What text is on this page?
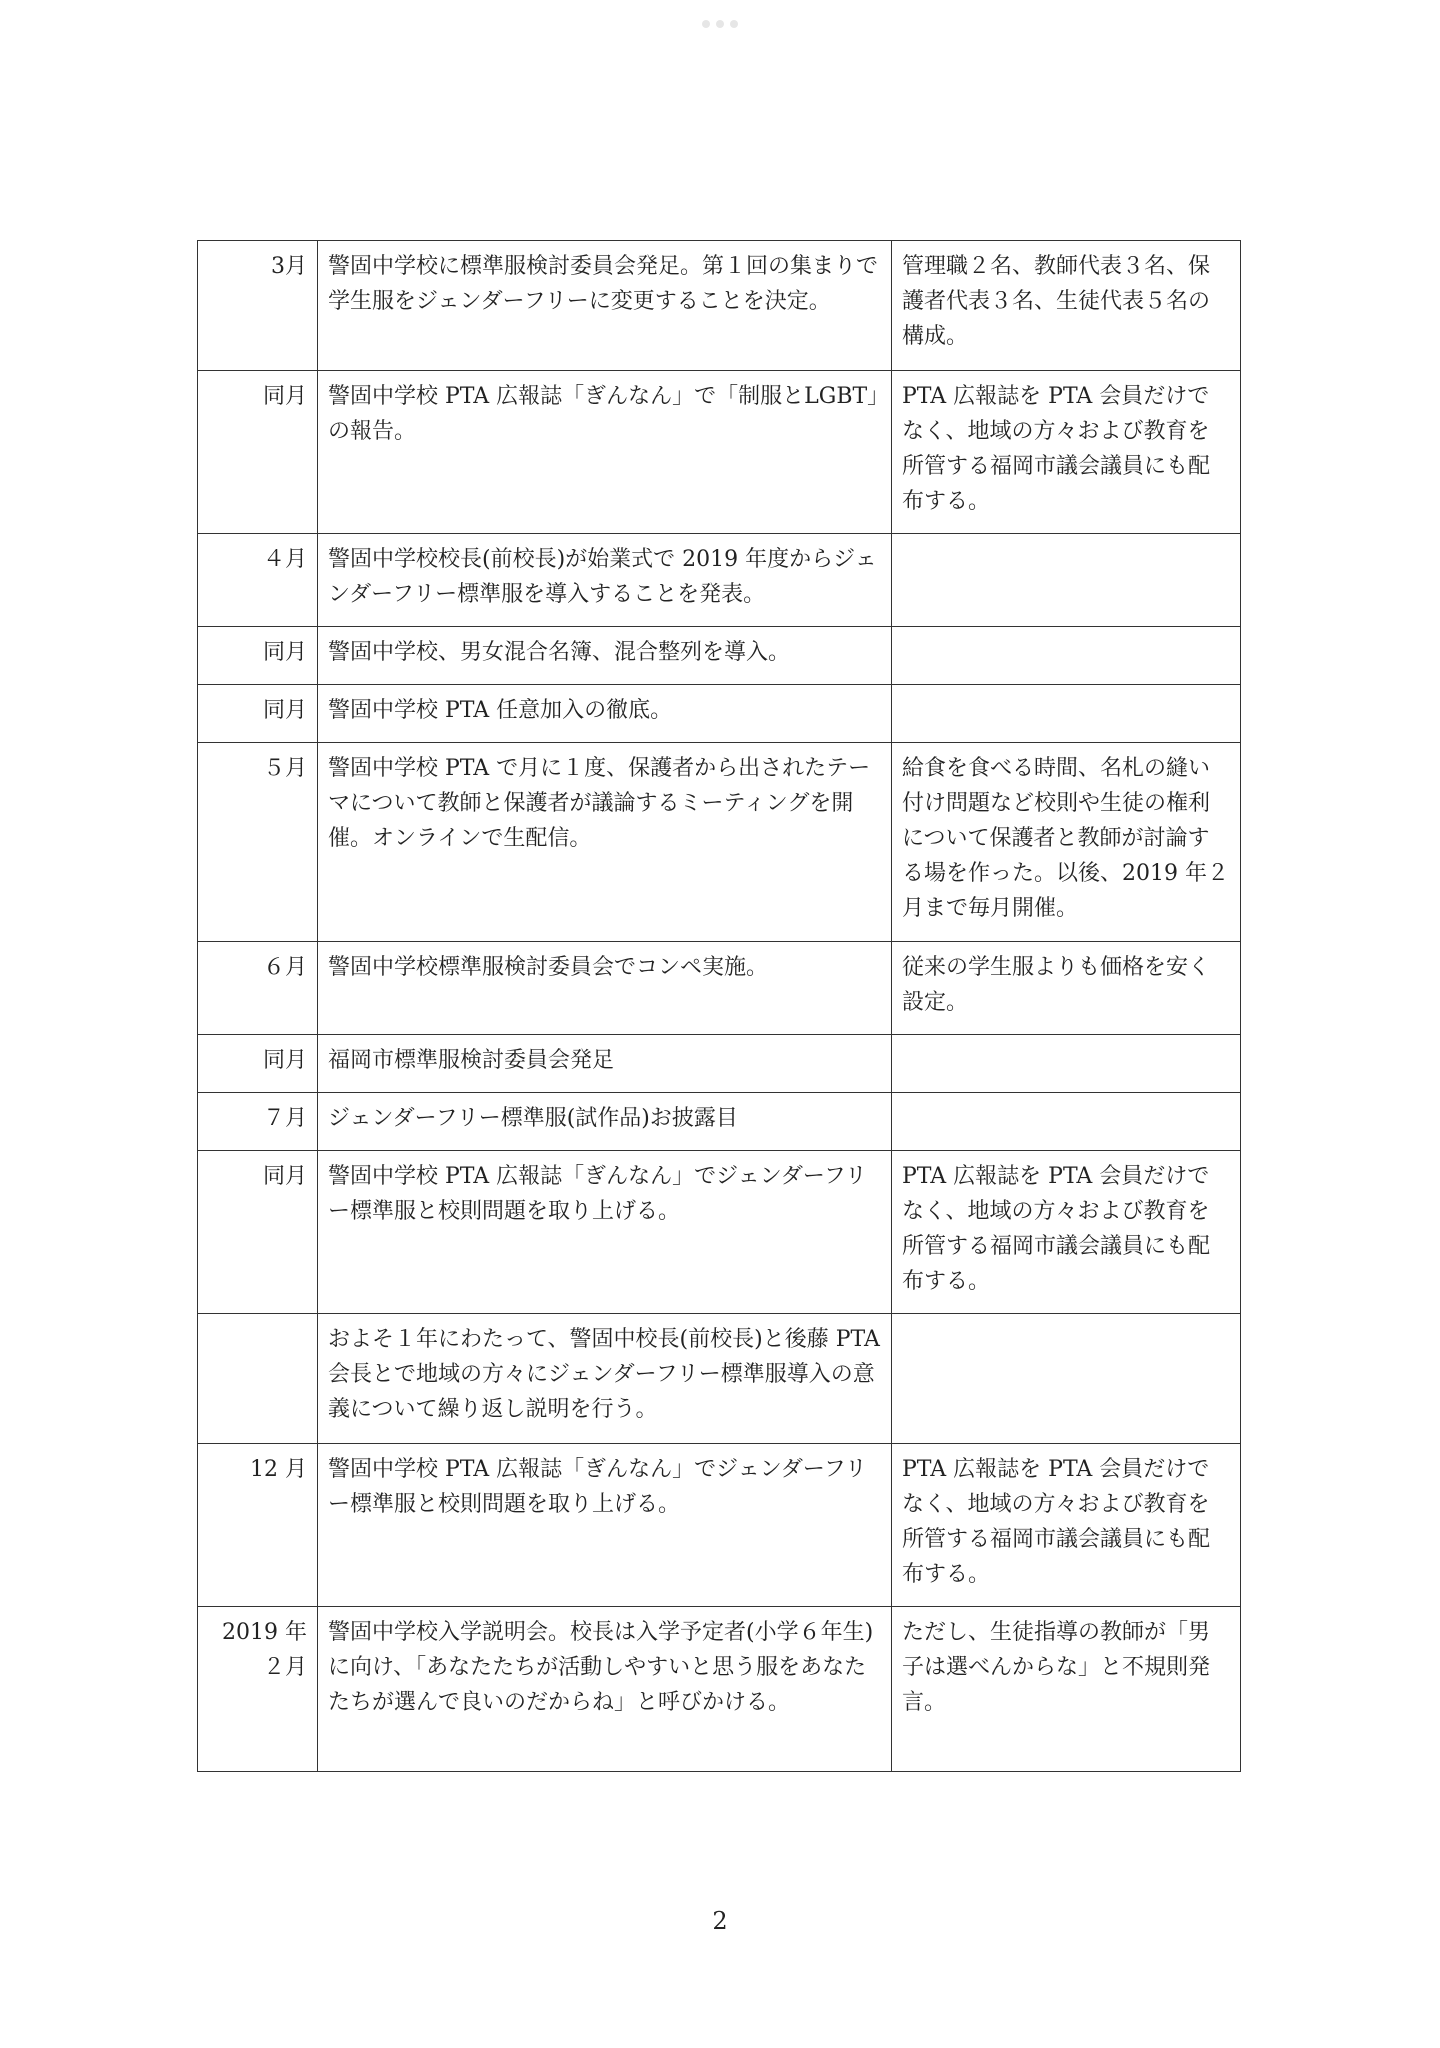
3月	警固中学校に標準服検討委員会発足。第１回の集まりで学生服をジェンダーフリーに変更することを決定。	管理職２名、教師代表３名、保護者代表３名、生徒代表５名の構成。
同月	警固中学校 PTA 広報誌「ぎんなん」で「制服とLGBT」の報告。	PTA 広報誌を PTA 会員だけでなく、地域の方々および教育を所管する福岡市議会議員にも配布する。
４月	警固中学校校長(前校長)が始業式で 2019 年度からジェンダーフリー標準服を導入することを発表。	
同月	警固中学校、男女混合名簿、混合整列を導入。	
同月	警固中学校 PTA 任意加入の徹底。	
５月	警固中学校 PTA で月に１度、保護者から出されたテーマについて教師と保護者が議論するミーティングを開催。オンラインで生配信。	給食を食べる時間、名札の縫い付け問題など校則や生徒の権利について保護者と教師が討論する場を作った。以後、2019 年２月まで毎月開催。
６月	警固中学校標準服検討委員会でコンペ実施。	従来の学生服よりも価格を安く設定。
同月	福岡市標準服検討委員会発足	
７月	ジェンダーフリー標準服(試作品)お披露目	
同月	警固中学校 PTA 広報誌「ぎんなん」でジェンダーフリー標準服と校則問題を取り上げる。	PTA 広報誌を PTA 会員だけでなく、地域の方々および教育を所管する福岡市議会議員にも配布する。
	およそ１年にわたって、警固中校長(前校長)と後藤 PTA 会長とで地域の方々にジェンダーフリー標準服導入の意義について繰り返し説明を行う。	
12 月	警固中学校 PTA 広報誌「ぎんなん」でジェンダーフリー標準服と校則問題を取り上げる。	PTA 広報誌を PTA 会員だけでなく、地域の方々および教育を所管する福岡市議会議員にも配布する。
2019 年２月	警固中学校入学説明会。校長は入学予定者(小学６年生)に向け、「あなたたちが活動しやすいと思う服をあなたたちが選んで良いのだからね」と呼びかける。	ただし、生徒指導の教師が「男子は選べんからな」と不規則発言。
2
